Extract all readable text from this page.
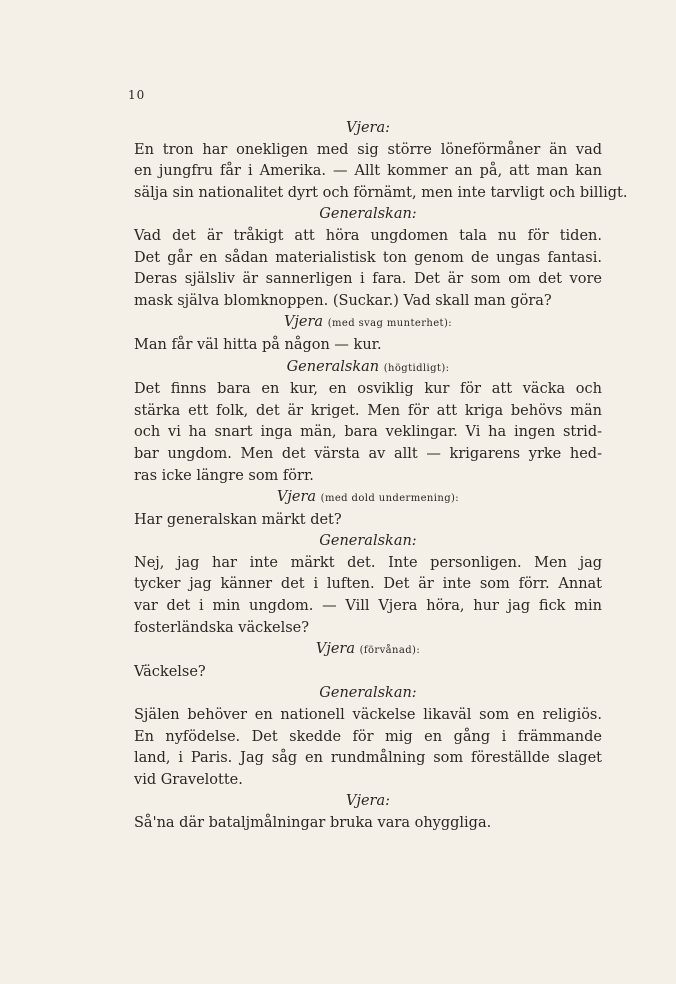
10
Vjera:
En tron har onekligen med sig större löneförmåner än vad
en jungfru får i Amerika. — Allt kommer an på, att man kan
sälja sin nationalitet dyrt och förnämt, men inte tarvligt och billigt.
Generalskan:
Vad det är tråkigt att höra ungdomen tala nu för tiden.
Det går en sådan materialistisk ton genom de ungas fantasi.
Deras själsliv är sannerligen i fara. Det är som om det vore
mask själva blomknoppen. (Suckar.) Vad skall man göra?
Vjera (med svag munterhet):
Man får väl hitta på någon — kur.
Generalskan (högtidligt):
Det finns bara en kur, en osviklig kur för att väcka och
stärka ett folk, det är kriget. Men för att kriga behövs män
och vi ha snart inga män, bara veklingar. Vi ha ingen strid-
bar ungdom. Men det värsta av allt — krigarens yrke hed-
ras icke längre som förr.
Vjera (med dold undermening):
Har generalskan märkt det?
Generalskan:
Nej, jag har inte märkt det. Inte personligen. Men jag
tycker jag känner det i luften. Det är inte som förr. Annat
var det i min ungdom. — Vill Vjera höra, hur jag fick min
fosterländska väckelse?
Vjera (förvånad):
Väckelse?
Generalskan:
Själen behöver en nationell väckelse likaväl som en religiös.
En nyfödelse. Det skedde för mig en gång i främmande
land, i Paris. Jag såg en rundmålning som föreställde slaget
vid Gravelotte.
Vjera:
Så'na där bataljmålningar bruka vara ohyggliga.
